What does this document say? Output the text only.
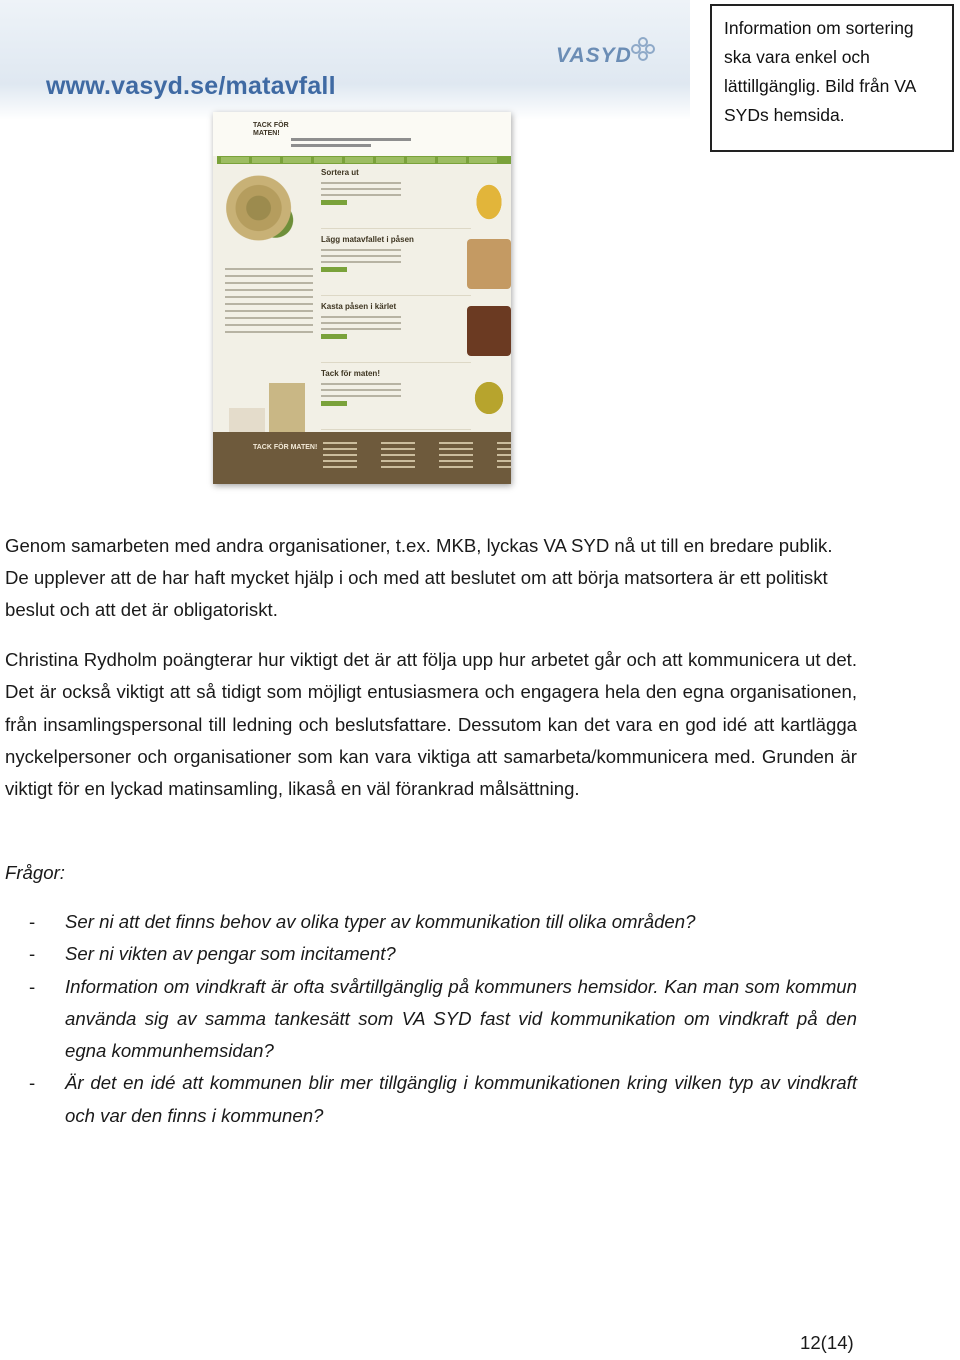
www.vasyd.se/matavfall
VASYD
TACK FÖR MATEN!
Sortera ut
Lägg matavfallet i påsen
Kasta påsen i kärlet
Tack för maten!
TACK FÖR MATEN!
Information om sortering ska vara enkel och lättillgänglig. Bild från VA SYDs hemsida.
Genom samarbeten med andra organisationer, t.ex. MKB, lyckas VA SYD nå ut till en bredare publik. De upplever att de har haft mycket hjälp i och med att beslutet om att börja matsortera är ett politiskt beslut och att det är obligatoriskt.
Christina Rydholm poängterar hur viktigt det är att följa upp hur arbetet går och att kommunicera ut det. Det är också viktigt att så tidigt som möjligt entusiasmera och engagera hela den egna organisationen, från insamlingspersonal till ledning och beslutsfattare. Dessutom kan det vara en god idé att kartlägga nyckelpersoner och organisationer som kan vara viktiga att samarbeta/kommunicera med. Grunden är viktigt för en lyckad matinsamling, likaså en väl förankrad målsättning.
Frågor:
- Ser ni att det finns behov av olika typer av kommunikation till olika områden?
- Ser ni vikten av pengar som incitament?
- Information om vindkraft är ofta svårtillgänglig på kommuners hemsidor. Kan man som kommun använda sig av samma tankesätt som VA SYD fast vid kommunikation om vindkraft på den egna kommunhemsidan?
- Är det en idé att kommunen blir mer tillgänglig i kommunikationen kring vilken typ av vindkraft och var den finns i kommunen?
12(14)
